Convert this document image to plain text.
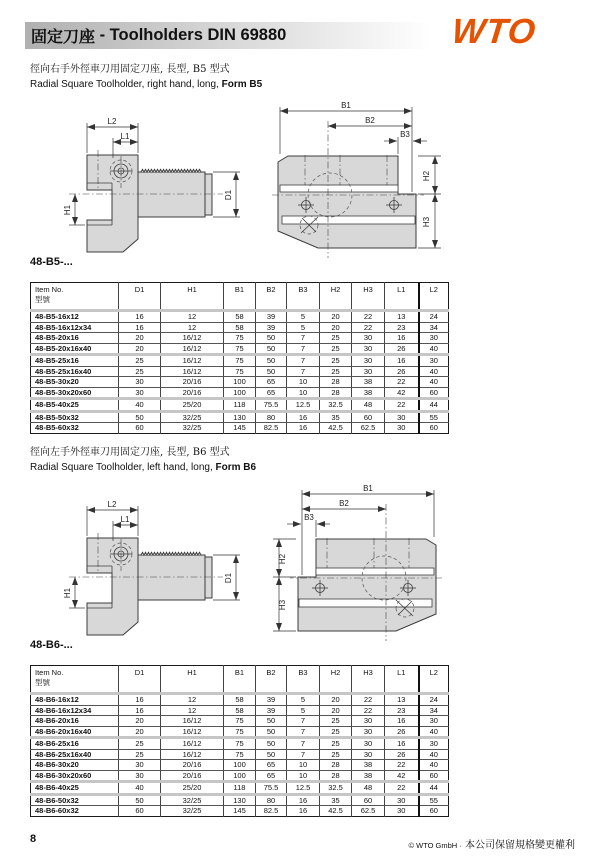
固定刀座 - Toolholders DIN 69880	WTO
徑向右手外徑車刀用固定刀座, 長型, B5 型式
Radial Square Toolholder, right hand, long, Form B5
L2
L1
H1
D1
B1
B2
B3
H2
H3
48-B5-...
Item No.
型號	D1	H1	B1	B2	B3	H2	H3	L1	L2
48-B5-16x12	16	12	58	39	5	20	22	13	24
48-B5-16x12x34	16	12	58	39	5	20	22	23	34
48-B5-20x16	20	16/12	75	50	7	25	30	16	30
48-B5-20x16x40	20	16/12	75	50	7	25	30	26	40
48-B5-25x16	25	16/12	75	50	7	25	30	16	30
48-B5-25x16x40	25	16/12	75	50	7	25	30	26	40
48-B5-30x20	30	20/16	100	65	10	28	38	22	40
48-B5-30x20x60	30	20/16	100	65	10	28	38	42	60
48-B5-40x25	40	25/20	118	75.5	12.5	32.5	48	22	44
48-B5-50x32	50	32/25	130	80	16	35	60	30	55
48-B5-60x32	60	32/25	145	82.5	16	42.5	62.5	30	60
徑向左手外徑車刀用固定刀座, 長型, B6 型式
Radial Square Toolholder, left hand, long, Form B6
L2
L1
H1
D1
B1
B2
B3
H2
H3
48-B6-...
Item No.
型號	D1	H1	B1	B2	B3	H2	H3	L1	L2
48-B6-16x12	16	12	58	39	5	20	22	13	24
48-B6-16x12x34	16	12	58	39	5	20	22	23	34
48-B6-20x16	20	16/12	75	50	7	25	30	16	30
48-B6-20x16x40	20	16/12	75	50	7	25	30	26	40
48-B6-25x16	25	16/12	75	50	7	25	30	16	30
48-B6-25x16x40	25	16/12	75	50	7	25	30	26	40
48-B6-30x20	30	20/16	100	65	10	28	38	22	40
48-B6-30x20x60	30	20/16	100	65	10	28	38	42	60
48-B6-40x25	40	25/20	118	75.5	12.5	32.5	48	22	44
48-B6-50x32	50	32/25	130	80	16	35	60	30	55
48-B6-60x32	60	32/25	145	82.5	16	42.5	62.5	30	60
8
© WTO GmbH · 本公司保留規格變更權利
